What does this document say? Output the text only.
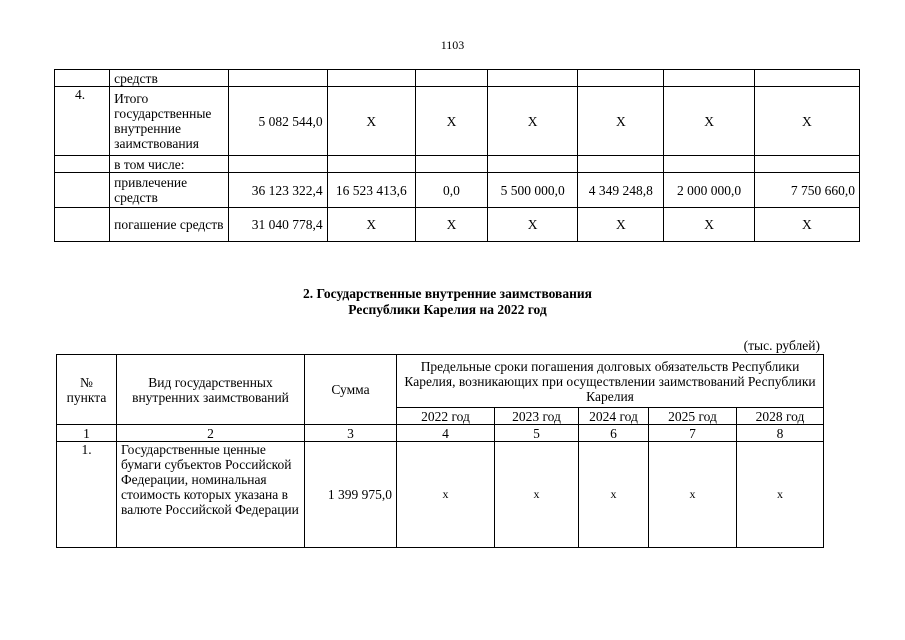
1103
	средств							
4.	Итого государственные внутренние заимствования	5 082 544,0	Х	Х	Х	Х	Х	Х
	в том числе:							
	привлечение средств	36 123 322,4	16 523 413,6	0,0	5 500 000,0	4 349 248,8	2 000 000,0	7 750 660,0
	погашение средств	31 040 778,4	Х	Х	Х	Х	Х	Х
2. Государственные внутренние заимствования
Республики Карелия на 2022 год
(тыс. рублей)
№ пункта	Вид государственных внутренних заимствований	Сумма	Предельные сроки погашения долговых обязательств Республики Карелия, возникающих при осуществлении заимствований Республики Карелия				
			2022 год	2023 год	2024 год	2025 год	2028 год
1	2	3	4	5	6	7	8
1.	Государственные ценные бумаги субъектов Российской Федерации, номинальная стоимость которых указана в валюте Российской Федерации	1 399 975,0	х	х	х	х	х
